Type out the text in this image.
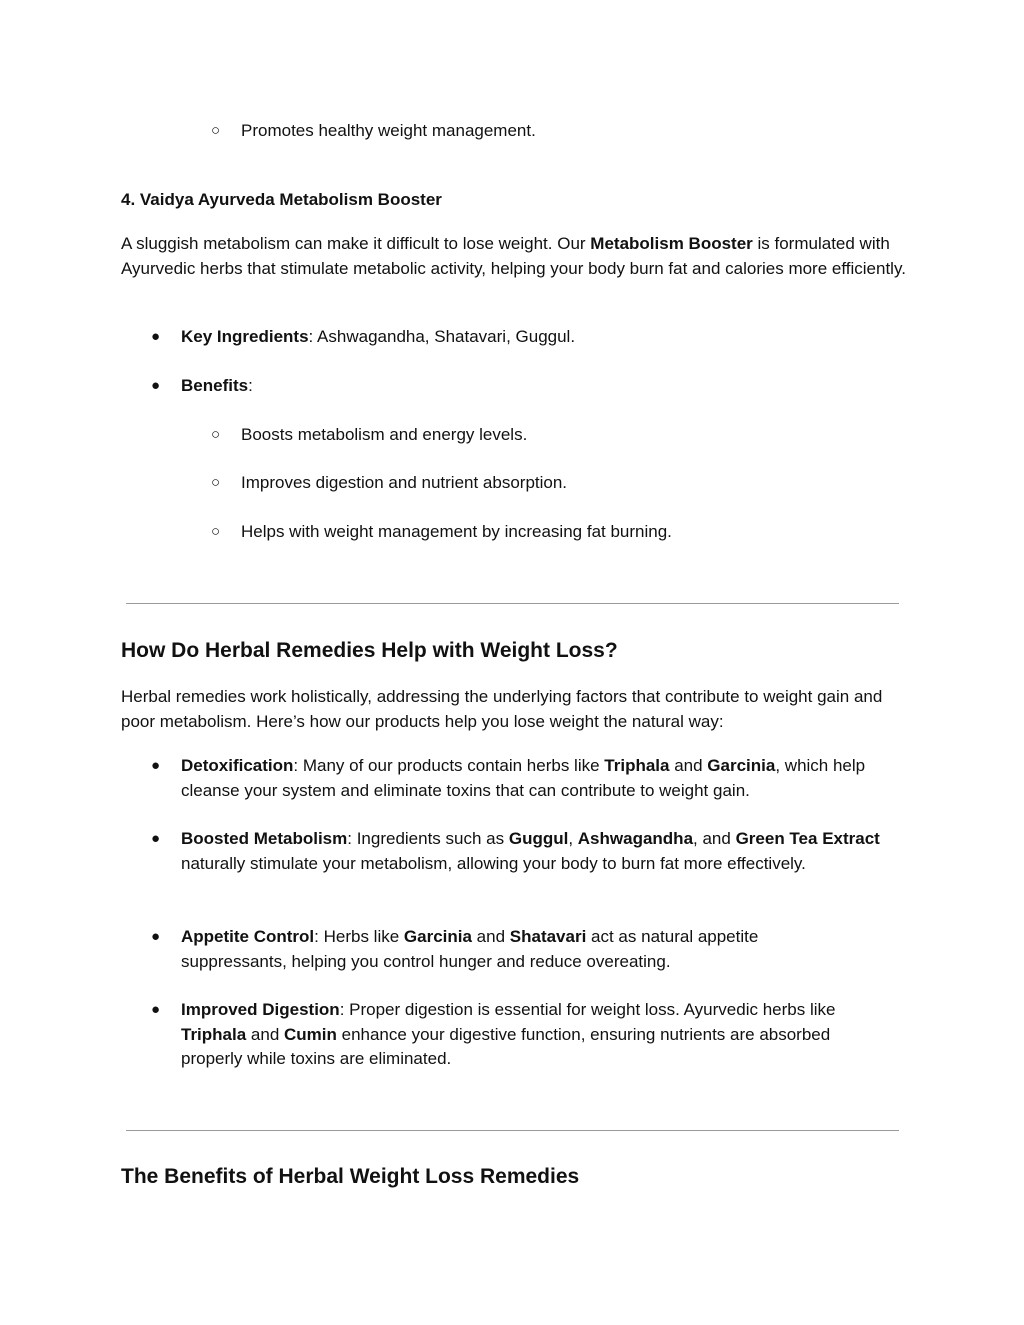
○ Promotes healthy weight management.
4. Vaidya Ayurveda Metabolism Booster
A sluggish metabolism can make it difficult to lose weight. Our Metabolism Booster is formulated with Ayurvedic herbs that stimulate metabolic activity, helping your body burn fat and calories more efficiently.
● Key Ingredients: Ashwagandha, Shatavari, Guggul.
● Benefits:
○ Boosts metabolism and energy levels.
○ Improves digestion and nutrient absorption.
○ Helps with weight management by increasing fat burning.
How Do Herbal Remedies Help with Weight Loss?
Herbal remedies work holistically, addressing the underlying factors that contribute to weight gain and poor metabolism. Here’s how our products help you lose weight the natural way:
● Detoxification: Many of our products contain herbs like Triphala and Garcinia, which help cleanse your system and eliminate toxins that can contribute to weight gain.
● Boosted Metabolism: Ingredients such as Guggul, Ashwagandha, and Green Tea Extract naturally stimulate your metabolism, allowing your body to burn fat more effectively.
● Appetite Control: Herbs like Garcinia and Shatavari act as natural appetite suppressants, helping you control hunger and reduce overeating.
● Improved Digestion: Proper digestion is essential for weight loss. Ayurvedic herbs like Triphala and Cumin enhance your digestive function, ensuring nutrients are absorbed properly while toxins are eliminated.
The Benefits of Herbal Weight Loss Remedies
